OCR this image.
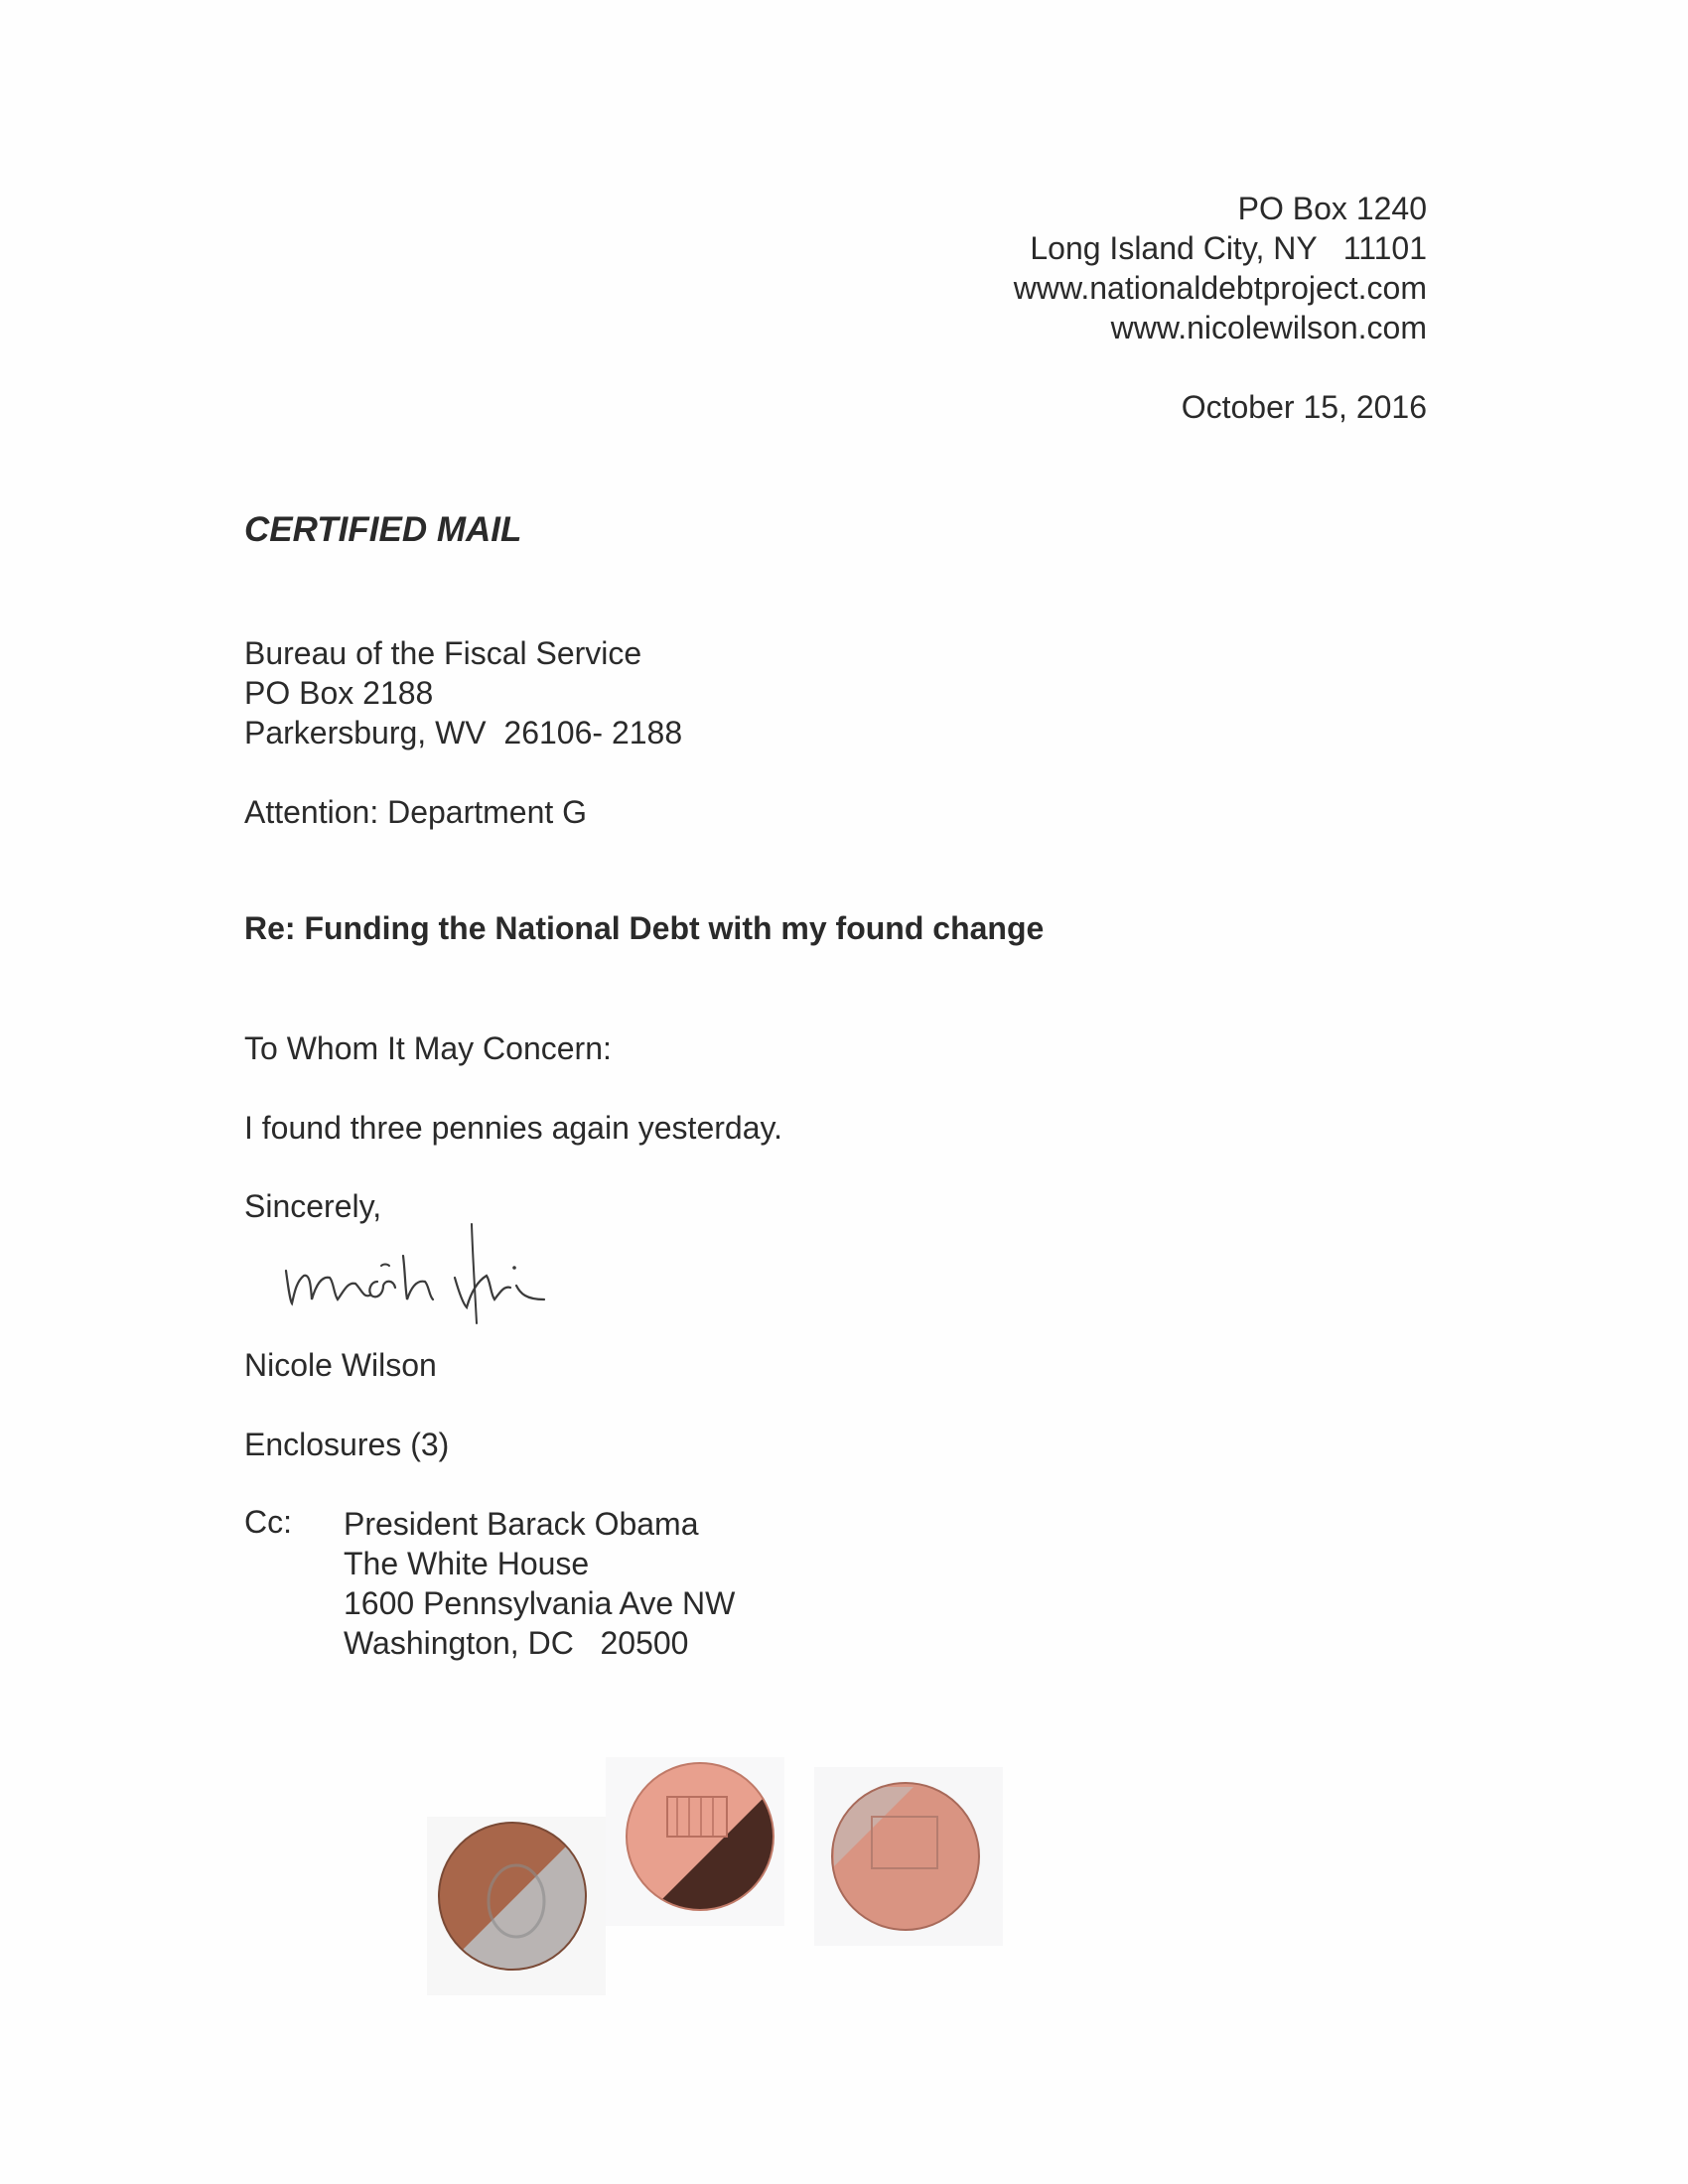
PO Box 1240
Long Island City, NY   11101
www.nationaldebtproject.com
www.nicolewilson.com
October 15, 2016
CERTIFIED MAIL
Bureau of the Fiscal Service
PO Box 2188
Parkersburg, WV  26106- 2188
Attention: Department G
Re: Funding the National Debt with my found change
To Whom It May Concern:
I found three pennies again yesterday.
Sincerely,
Nicole Wilson
Enclosures (3)
Cc: President Barack Obama
The White House
1600 Pennsylvania Ave NW
Washington, DC   20500
